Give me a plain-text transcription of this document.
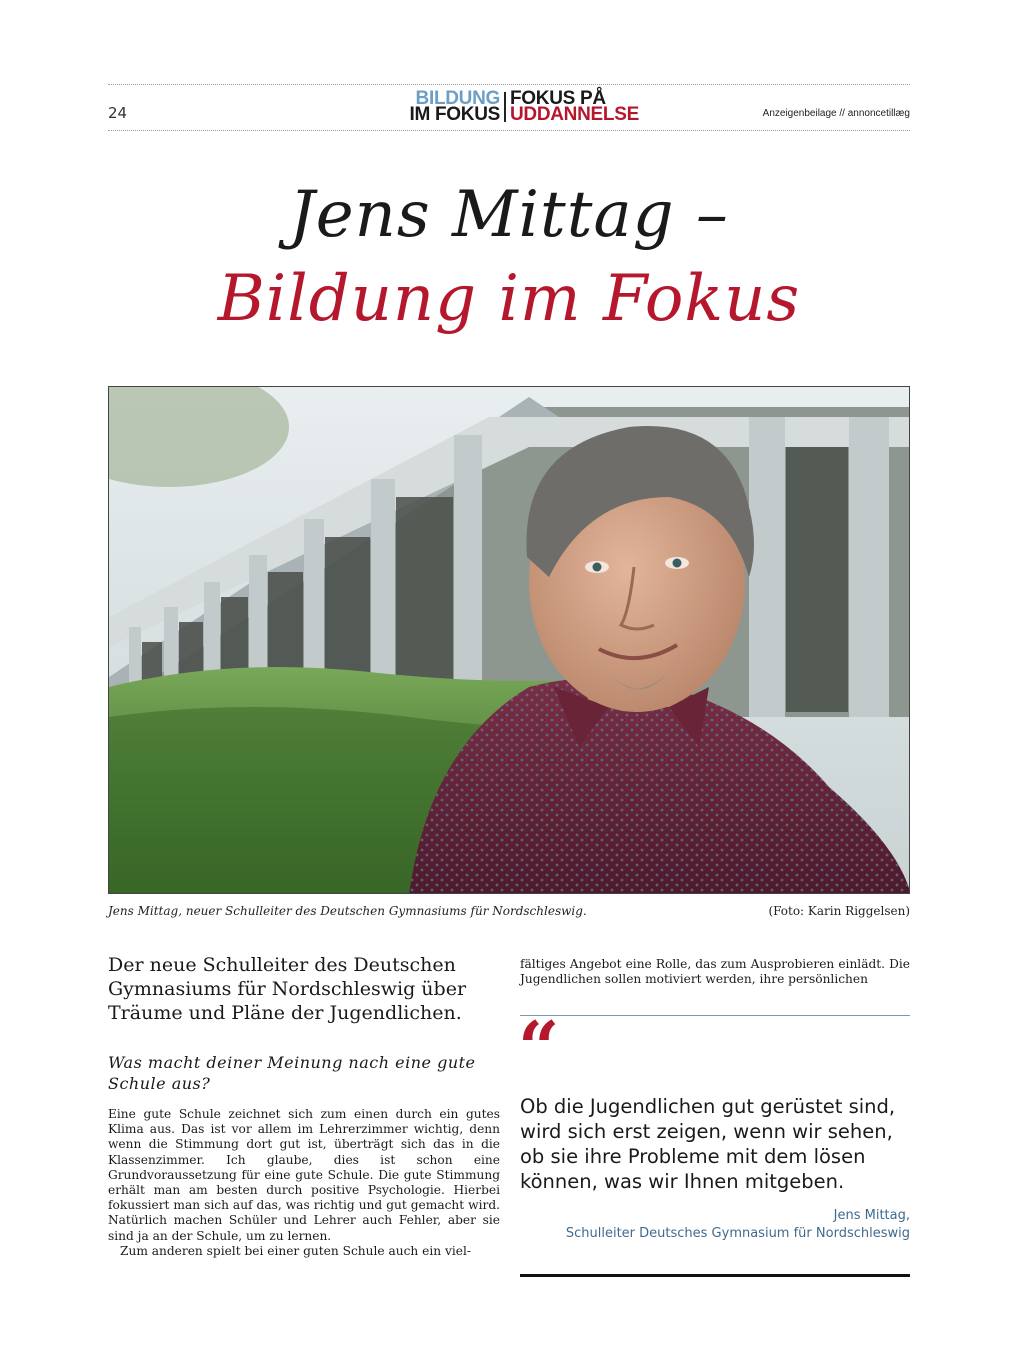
24
BILDUNG
IM FOKUS
FOKUS PÅ
UDDANNELSE	Anzeigenbeilage // annoncetillæg
Jens Mittag –
Bildung im Fokus
Jens Mittag, neuer Schulleiter des Deutschen Gymnasiums für Nordschleswig.	(Foto: Karin Riggelsen)
Der neue Schulleiter des Deutschen Gymnasiums für Nordschleswig über Träume und Pläne der Jugendlichen.
Was macht deiner Meinung nach eine gute Schule aus?

Eine gute Schule zeichnet sich zum einen durch ein gutes Klima aus. Das ist vor allem im Lehrerzimmer wichtig, denn wenn die Stimmung dort gut ist, überträgt sich das in die Klassenzimmer. Ich glaube, dies ist schon eine Grundvoraussetzung für eine gute Schule. Die gute Stimmung erhält man am besten durch positive Psychologie. Hierbei fokussiert man sich auf das, was richtig und gut gemacht wird. Natürlich machen Schüler und Lehrer auch Fehler, aber sie sind ja an der Schule, um zu lernen.

Zum anderen spielt bei einer guten Schule auch ein viel-

fältiges Angebot eine Rolle, das zum Ausprobieren einlädt. Die Jugendlichen sollen motiviert werden, ihre persönlichen
“
Ob die Jugendlichen gut gerüstet sind, wird sich erst zeigen, wenn wir sehen, ob sie ihre Probleme mit dem lösen können, was wir Ihnen mitgeben.
Jens Mittag,
Schulleiter Deutsches Gymnasium für Nordschleswig
